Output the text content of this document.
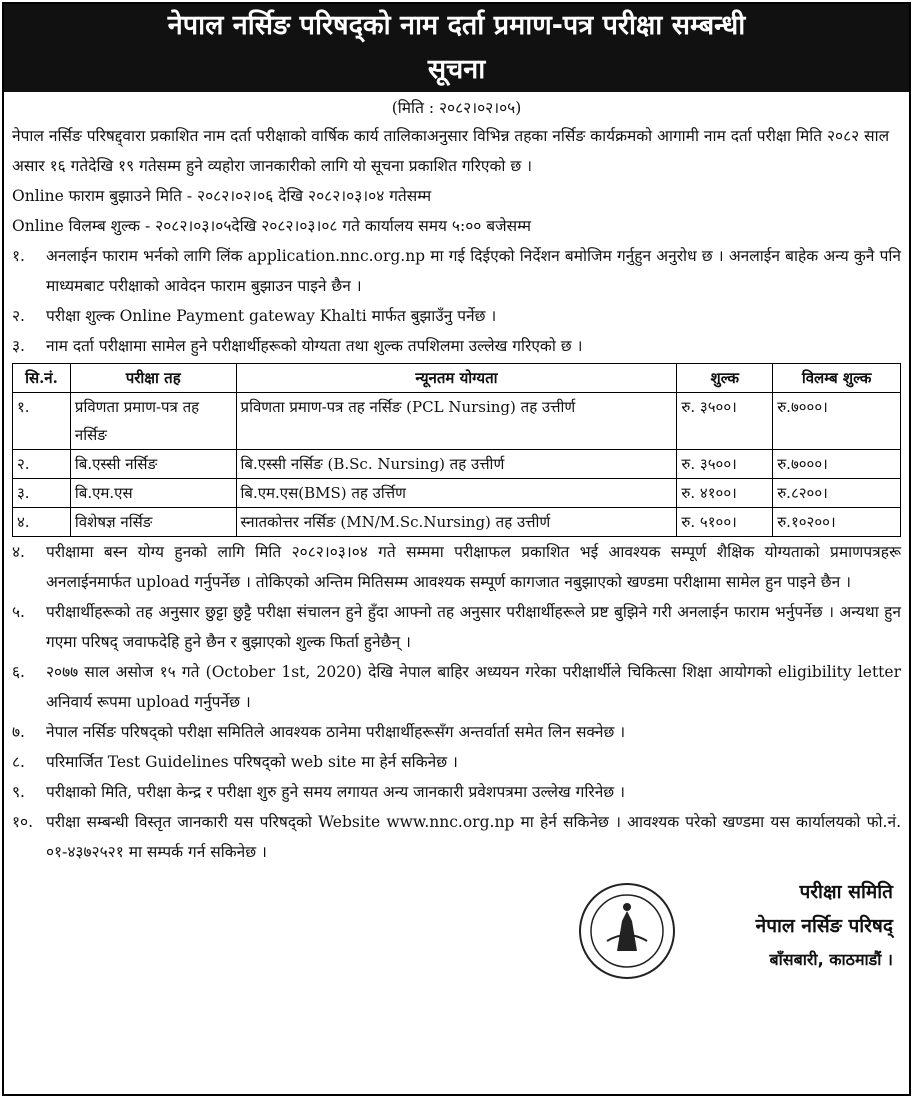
नेपाल नर्सिङ परिषद्को नाम दर्ता प्रमाण-पत्र परीक्षा सम्बन्धी
सूचना
(मिति : २०८२।०२।०५)

नेपाल नर्सिङ परिषद्द्वारा प्रकाशित नाम दर्ता परीक्षाको वार्षिक कार्य तालिकाअनुसार विभिन्न तहका नर्सिङ कार्यक्रमको आगामी नाम दर्ता परीक्षा मिति २०८२ साल असार १६ गतेदेखि १९ गतेसम्म हुने व्यहोरा जानकारीको लागि यो सूचना प्रकाशित गरिएको छ ।

Online फाराम बुझाउने मिति - २०८२।०२।०६ देखि २०८२।०३।०४ गतेसम्म

Online विलम्ब शुल्क - २०८२।०३।०५देखि २०८२।०३।०८ गते कार्यालय समय ५:०० बजेसम्म

१.	अनलाईन फाराम भर्नको लागि लिंक application.nnc.org.np मा गई दिईएको निर्देशन बमोजिम गर्नुहुन अनुरोध छ । अनलाईन बाहेक अन्य कुनै पनि माध्यमबाट परीक्षाको आवेदन फाराम बुझाउन पाइने छैन ।
२.	परीक्षा शुल्क Online Payment gateway Khalti मार्फत बुझाउँनु पर्नेछ ।
३.	नाम दर्ता परीक्षामा सामेल हुने परीक्षार्थीहरूको योग्यता तथा शुल्क तपशिलमा उल्लेख गरिएको छ ।
सि.नं.	परीक्षा तह	न्यूनतम योग्यता	शुल्क	विलम्ब शुल्क
१.	प्रविणता प्रमाण-पत्र तह नर्सिङ	प्रविणता प्रमाण-पत्र तह नर्सिङ (PCL Nursing) तह उत्तीर्ण	रु. ३५००।	रु.७०००।
२.	बि.एस्सी नर्सिङ	बि.एस्सी नर्सिङ (B.Sc. Nursing) तह उत्तीर्ण	रु. ३५००।	रु.७०००।
३.	बि.एम.एस	बि.एम.एस(BMS) तह उर्त्तिण	रु. ४१००।	रु.८२००।
४.	विशेषज्ञ नर्सिङ	स्नातकोत्तर नर्सिङ (MN/M.Sc.Nursing) तह उत्तीर्ण	रु. ५१००।	रु.१०२००।
४.	परीक्षामा बस्न योग्य हुनको लागि मिति २०८२।०३।०४ गते सम्ममा परीक्षाफल प्रकाशित भई आवश्यक सम्पूर्ण शैक्षिक योग्यताको प्रमाणपत्रहरू अनलाईनमार्फत upload गर्नुपर्नेछ । तोकिएको अन्तिम मितिसम्म आवश्यक सम्पूर्ण कागजात नबुझाएको खण्डमा परीक्षामा सामेल हुन पाइने छैन ।
५.	परीक्षार्थीहरूको तह अनुसार छुट्टा छुट्टै परीक्षा संचालन हुने हुँदा आफ्नो तह अनुसार परीक्षार्थीहरूले प्रष्ट बुझिने गरी अनलाईन फाराम भर्नुपर्नेछ । अन्यथा हुन गएमा परिषद् जवाफदेहि हुने छैन र बुझाएको शुल्क फिर्ता हुनेछैन् ।
६.	२०७७ साल असोज १५ गते (October 1st, 2020) देखि नेपाल बाहिर अध्ययन गरेका परीक्षार्थीले चिकित्सा शिक्षा आयोगको eligibility letter अनिवार्य रूपमा upload गर्नुपर्नेछ ।
७.	नेपाल नर्सिङ परिषद्को परीक्षा समितिले आवश्यक ठानेमा परीक्षार्थीहरूसँग अन्तर्वार्ता समेत लिन सक्नेछ ।
८.	परिमार्जित Test Guidelines परिषद्को web site मा हेर्न सकिनेछ ।
९.	परीक्षाको मिति, परीक्षा केन्द्र र परीक्षा शुरु हुने समय लगायत अन्य जानकारी प्रवेशपत्रमा उल्लेख गरिनेछ ।
१०. परीक्षा सम्बन्धी विस्तृत जानकारी यस परिषद्को Website www.nnc.org.np मा हेर्न सकिनेछ । आवश्यक परेको खण्डमा यस कार्यालयको फो.नं. ०१-४३७२५२१ मा सम्पर्क गर्न सकिनेछ ।
परीक्षा समिति
नेपाल नर्सिङ परिषद्
बाँसबारी, काठमाडौं ।
